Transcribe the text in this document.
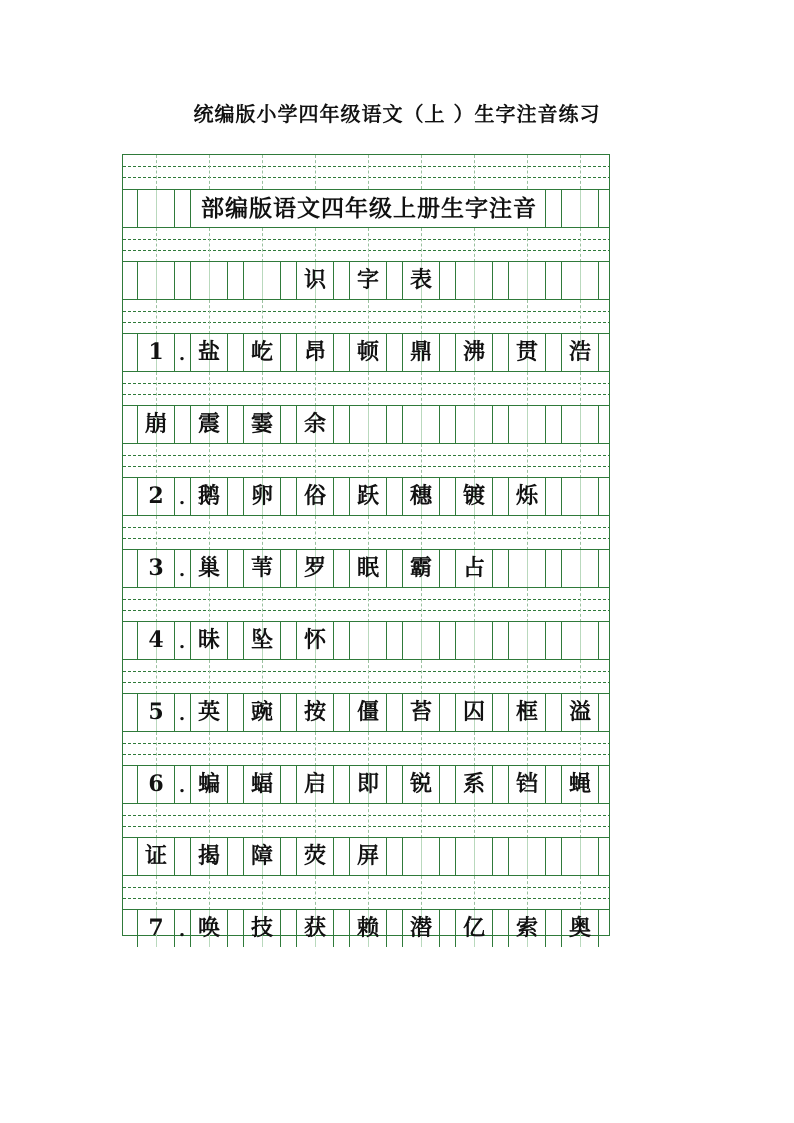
统编版小学四年级语文（上 ）生字注音练习
部编版语文四年级上册生字注音
识	字	表
1 . 盐	屹	昂	顿	鼎	沸	贯	浩
崩	震	霎	余
2 . 鹅	卵	俗	跃	穗	镀	烁
3 . 巢	苇	罗	眠	霸	占
4 . 昧	坠	怀
5 . 英	豌	按	僵	苔	囚	框	溢
6 . 蝙	蝠	启	即	锐	系	铛	蝇
证	揭	障	荧	屏
7 . 唤	技	获	赖	潜	亿	索	奥
